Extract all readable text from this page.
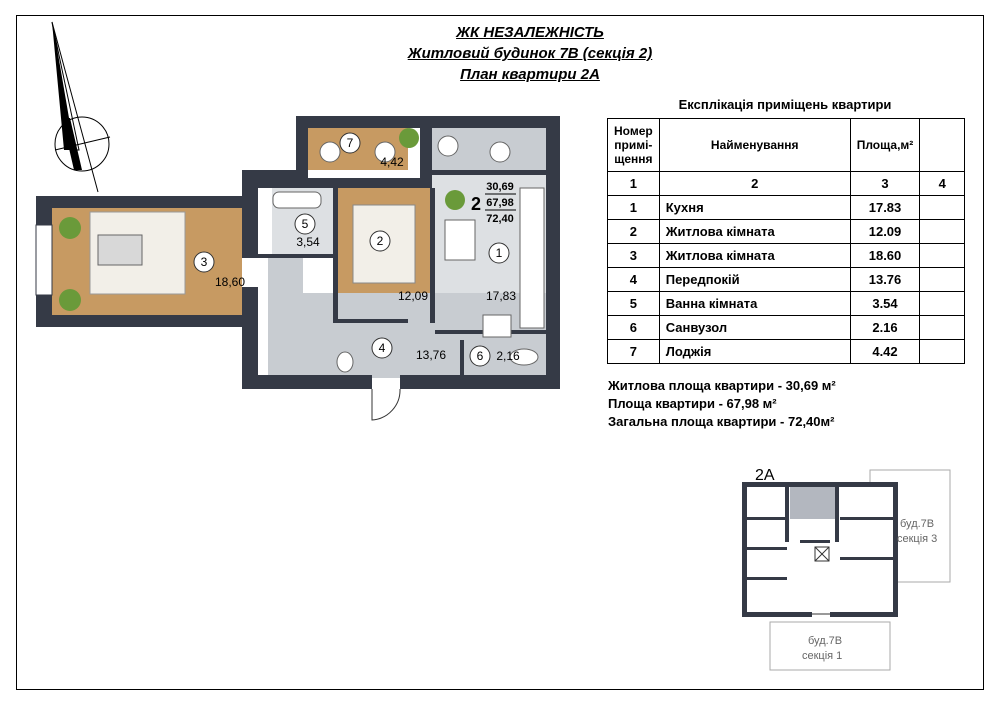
ЖК НЕЗАЛЕЖНІСТЬ
Житловий будинок 7В (секція 2)
План квартири 2А
7
4,42
5
3,54	2
12,09
3
18,60
1
17,83
4	13,76	6 2,16
2
30,69
67,98
72,40
Експлікація приміщень квартири
Номер примі-щення	Найменування	Площа,м²	
1	2	3	4
1	Кухня	17.83	
2	Житлова кімната	12.09	
3	Житлова кімната	18.60	
4	Передпокій	13.76	
5	Ванна кімната	3.54	
6	Санвузол	2.16	
7	Лоджія	4.42	
Житлова площа квартири - 30,69 м²
Площа квартири - 67,98 м²
Загальна площа квартири - 72,40м²
2А
буд.7В
секція 3
буд.7В
секція 1
